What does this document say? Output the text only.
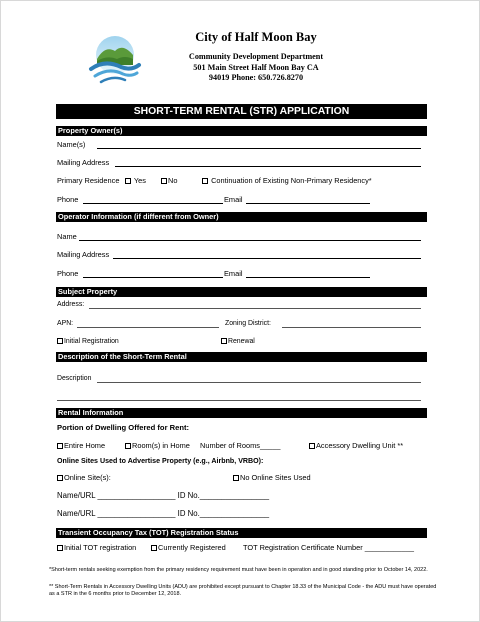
City of Half Moon Bay
Community Development Department
501 Main Street Half Moon Bay CA
94019 Phone: 650.726.8270
SHORT-TERM RENTAL (STR) APPLICATION
Property Owner(s)
Name(s)
Mailing Address
Primary Residence	Yes	No	Continuation of Existing Non-Primary Residency*
Phone	Email
Operator Information (if different from Owner)
Name
Mailing Address
Phone	Email
Subject Property
Address:
APN:	Zoning District:
Initial Registration	Renewal
Description of the Short-Term Rental
Description
Rental Information
Portion of Dwelling Offered for Rent:
Entire Home	Room(s) in Home Number of Rooms_____	Accessory Dwelling Unit **
Online Sites Used to Advertise Property (e.g., Airbnb, VRBO):
Online Site(s):	No Online Sites Used
Name/URL __________________ ID No.________________
Name/URL __________________ ID No.________________
Transient Occupancy Tax (TOT) Registration Status
Initial TOT registration	Currently Registered TOT Registration Certificate Number ____________
*Short-term rentals seeking exemption from the primary residency requirement must have been in operation and in good standing prior to October 14, 2022.
** Short-Term Rentals in Accessory Dwelling Units (ADU) are prohibited except pursuant to Chapter 18.33 of the Municipal Code - the ADU must have operated as a STR in the 6 months prior to December 12, 2018.
